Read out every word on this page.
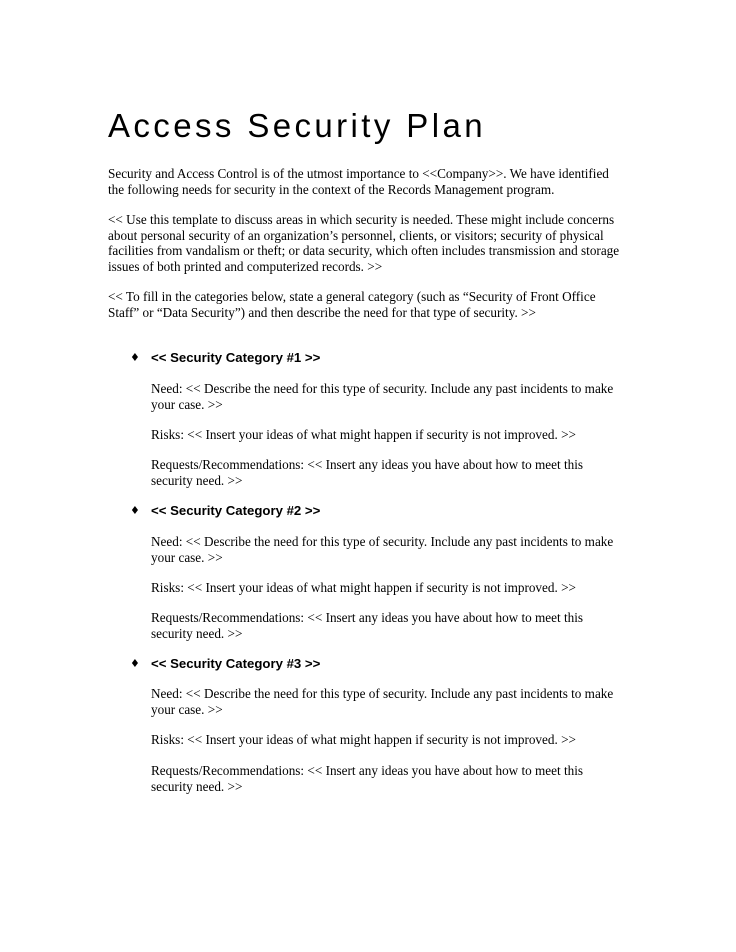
Access Security Plan

Security and Access Control is of the utmost importance to <<Company>>. We have identified
the following needs for security in the context of the Records Management program.

<< Use this template to discuss areas in which security is needed. These might include concerns
about personal security of an organization’s personnel, clients, or visitors; security of physical
facilities from vandalism or theft; or data security, which often includes transmission and storage
issues of both printed and computerized records. >>

<< To fill in the categories below, state a general category (such as “Security of Front Office
Staff” or “Data Security”) and then describe the need for that type of security. >>

♦ << Security Category #1 >>

Need: << Describe the need for this type of security. Include any past incidents to make
your case. >>

Risks: << Insert your ideas of what might happen if security is not improved. >>

Requests/Recommendations: << Insert any ideas you have about how to meet this
security need. >>

♦ << Security Category #2 >>

Need: << Describe the need for this type of security. Include any past incidents to make
your case. >>

Risks: << Insert your ideas of what might happen if security is not improved. >>

Requests/Recommendations: << Insert any ideas you have about how to meet this
security need. >>

♦ << Security Category #3 >>

Need: << Describe the need for this type of security. Include any past incidents to make
your case. >>

Risks: << Insert your ideas of what might happen if security is not improved. >>

Requests/Recommendations: << Insert any ideas you have about how to meet this
security need. >>
